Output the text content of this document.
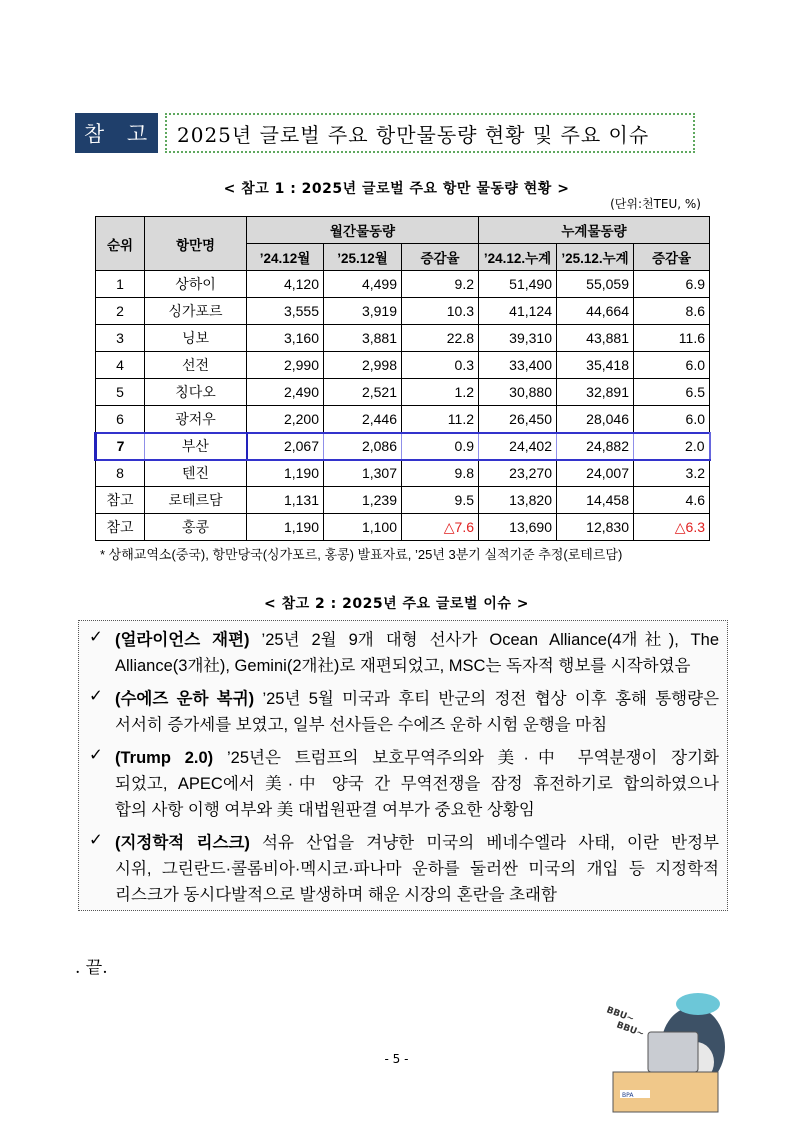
참 고	2025년 글로벌 주요 항만물동량 현황 및 주요 이슈
< 참고 1 : 2025년 글로벌 주요 항만 물동량 현황 >
(단위:천TEU, %)
순위	항만명	월간물동량			누계물동량		
		’24.12월	’25.12월	증감율	’24.12.누계	’25.12.누계	증감율
1	상하이	4,120	4,499	9.2	51,490	55,059	6.9
2	싱가포르	3,555	3,919	10.3	41,124	44,664	8.6
3	닝보	3,160	3,881	22.8	39,310	43,881	11.6
4	선전	2,990	2,998	0.3	33,400	35,418	6.0
5	칭다오	2,490	2,521	1.2	30,880	32,891	6.5
6	광저우	2,200	2,446	11.2	26,450	28,046	6.0
7	부산	2,067	2,086	0.9	24,402	24,882	2.0
8	텐진	1,190	1,307	9.8	23,270	24,007	3.2
참고	로테르담	1,131	1,239	9.5	13,820	14,458	4.6
참고	홍콩	1,190	1,100	△7.6	13,690	12,830	△6.3
* 상해교역소(중국), 항만당국(싱가포르, 홍콩) 발표자료, ’25년 3분기 실적기준 추정(로테르담)
< 참고 2 : 2025년 주요 글로벌 이슈 >
✓ (얼라이언스 재편) ’25년 2월 9개 대형 선사가 Ocean Alliance(4개社), The
Alliance(3개社), Gemini(2개社)로 재편되었고, MSC는 독자적 행보를 시작하였음
✓ (수에즈 운하 복귀) ’25년 5월 미국과 후티 반군의 정전 협상 이후 홍해 통행량은
서서히 증가세를 보였고, 일부 선사들은 수에즈 운하 시험 운행을 마침
✓ (Trump 2.0) ’25년은 트럼프의 보호무역주의와 美·中 무역분쟁이 장기화
되었고, APEC에서 美·中 양국 간 무역전쟁을 잠정 휴전하기로 합의하였으나
합의 사항 이행 여부와 美 대법원판결 여부가 중요한 상황임
✓ (지정학적 리스크) 석유 산업을 겨냥한 미국의 베네수엘라 사태, 이란 반정부
시위, 그린란드·콜롬비아·멕시코·파나마 운하를 둘러싼 미국의 개입 등 지정학적
리스크가 동시다발적으로 발생하며 해운 시장의 혼란을 초래함
. 끝.
- 5 -
BPA
BBU~
BBU~
